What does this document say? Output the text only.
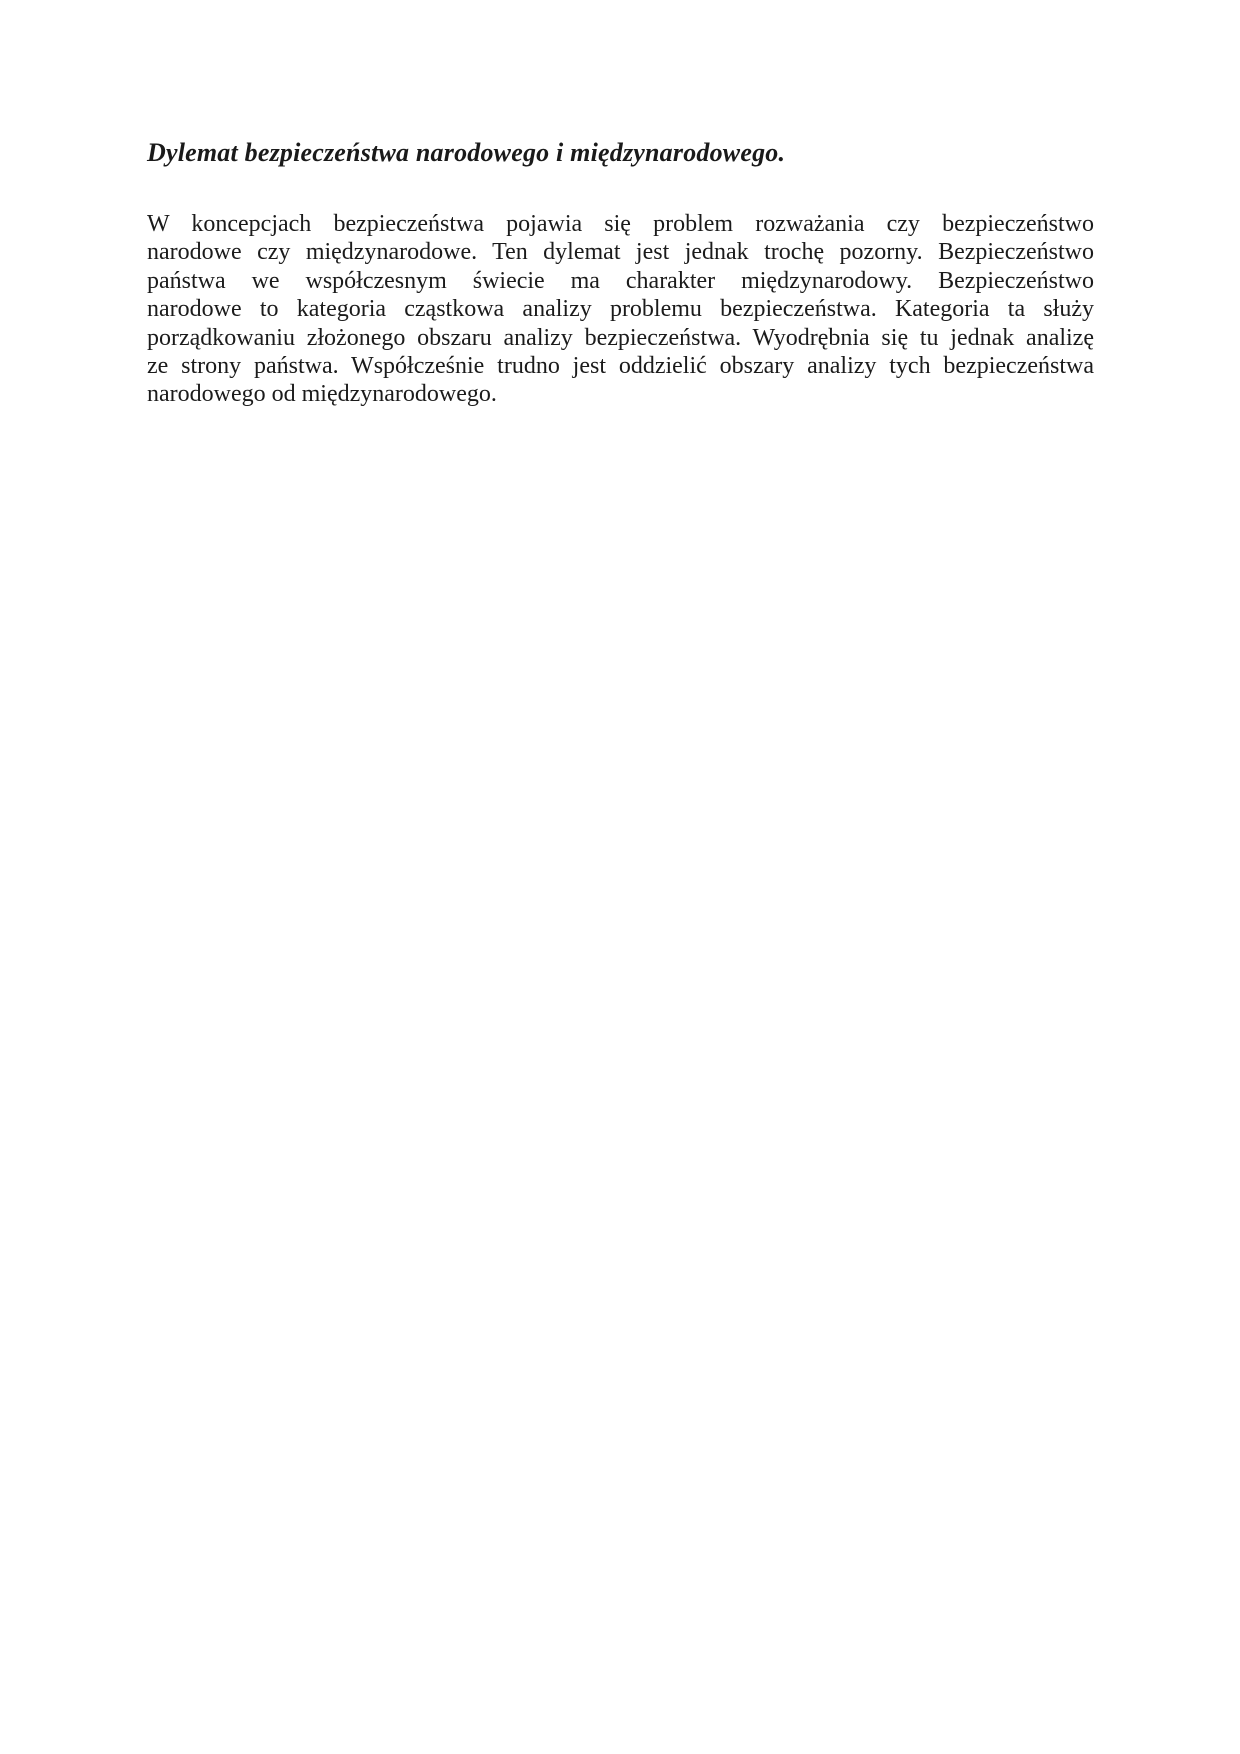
Dylemat bezpieczeństwa narodowego i międzynarodowego.
W koncepcjach bezpieczeństwa pojawia się problem rozważania czy bezpieczeństwo
narodowe czy międzynarodowe. Ten dylemat jest jednak trochę pozorny. Bezpieczeństwo
państwa we współczesnym świecie ma charakter międzynarodowy. Bezpieczeństwo
narodowe to kategoria cząstkowa analizy problemu bezpieczeństwa. Kategoria ta służy
porządkowaniu złożonego obszaru analizy bezpieczeństwa. Wyodrębnia się tu jednak analizę
ze strony państwa. Współcześnie trudno jest oddzielić obszary analizy tych bezpieczeństwa
narodowego od międzynarodowego.
